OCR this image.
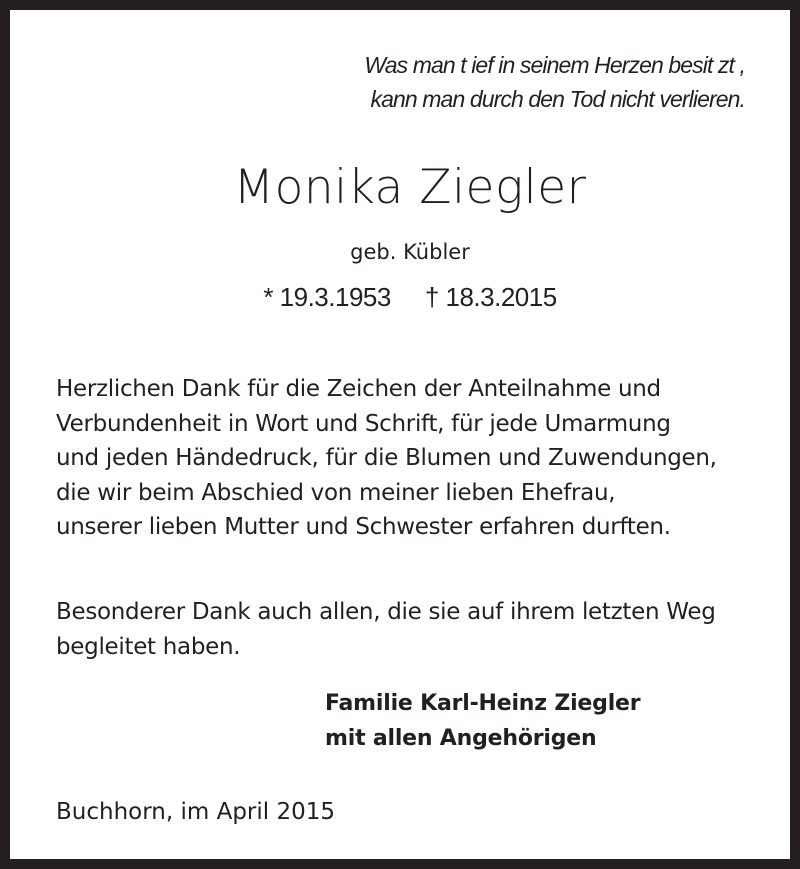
Was man t ief in seinem Herzen besit zt ,

kann man durch den Tod nicht verlieren.

Monika Ziegler

geb. Kübler

* 19.3.1953 † 18.3.2015

Herzlichen Dank für die Zeichen der Anteilnahme und
Verbundenheit in Wort und Schrift, für jede Umarmung
und jeden Händedruck, für die Blumen und Zuwendungen,
die wir beim Abschied von meiner lieben Ehefrau,
unserer lieben Mutter und Schwester erfahren durften.
Besonderer Dank auch allen, die sie auf ihrem letzten Weg
begleitet haben.
Familie Karl-Heinz Ziegler
mit allen Angehörigen

Buchhorn, im April 2015
